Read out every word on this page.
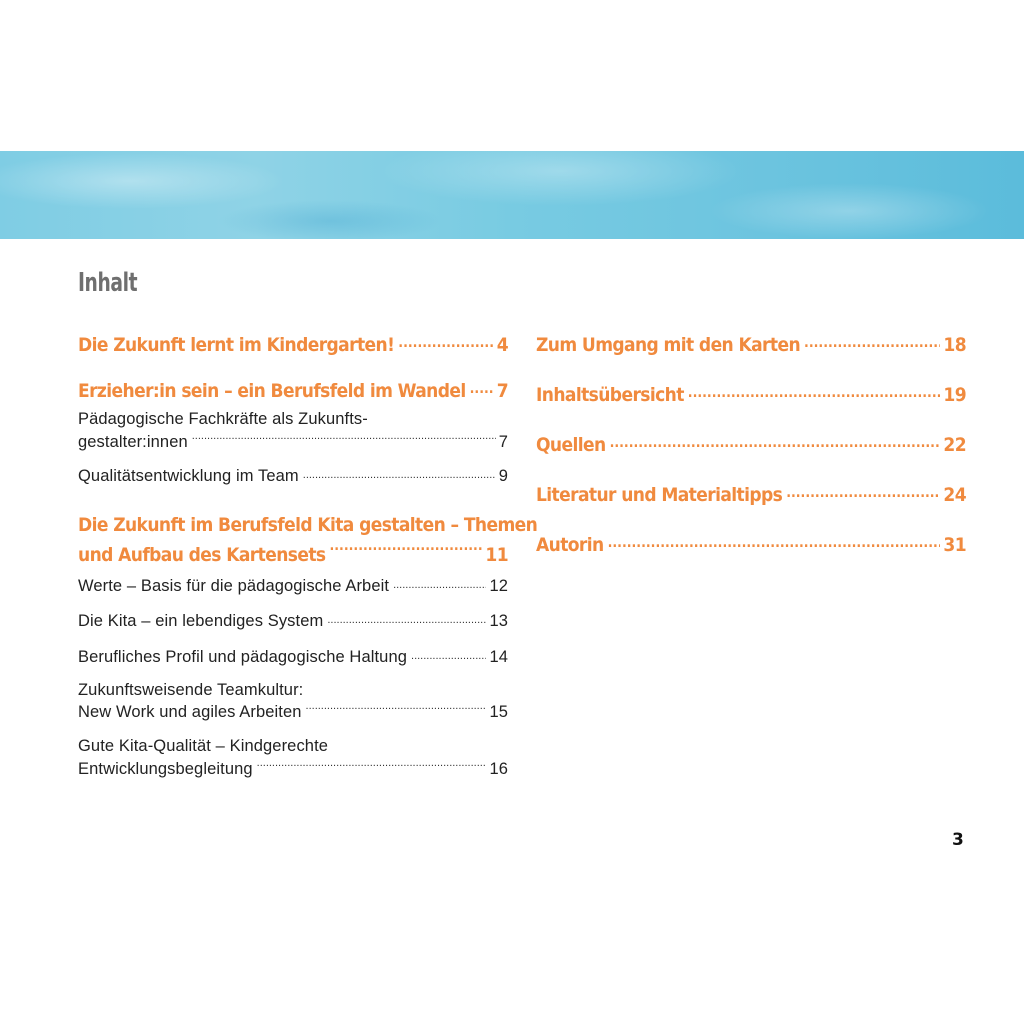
Inhalt
Die Zukunft lernt im Kindergarten! .....	4
Erzieher:in sein – ein Berufsfeld im Wandel ..... 7
Pädagogische Fachkräfte als Zukunfts-
gestalter:innen .....	7
Qualitätsentwicklung im Team .....	9
Die Zukunft im Berufsfeld Kita gestalten – Themen
und Aufbau des Kartensets .....	11
Werte – Basis für die pädagogische Arbeit .....	12
Die Kita – ein lebendiges System .....	13
Berufliches Profil und pädagogische Haltung .....	14
Zukunftsweisende Teamkultur:
New Work und agiles Arbeiten .....	15
Gute Kita-Qualität – Kindgerechte
Entwicklungsbegleitung .....	16
Zum Umgang mit den Karten .....	18
Inhaltsübersicht .....	19
Quellen .....	22
Literatur und Materialtipps .....	24
Autorin .....	31
3
